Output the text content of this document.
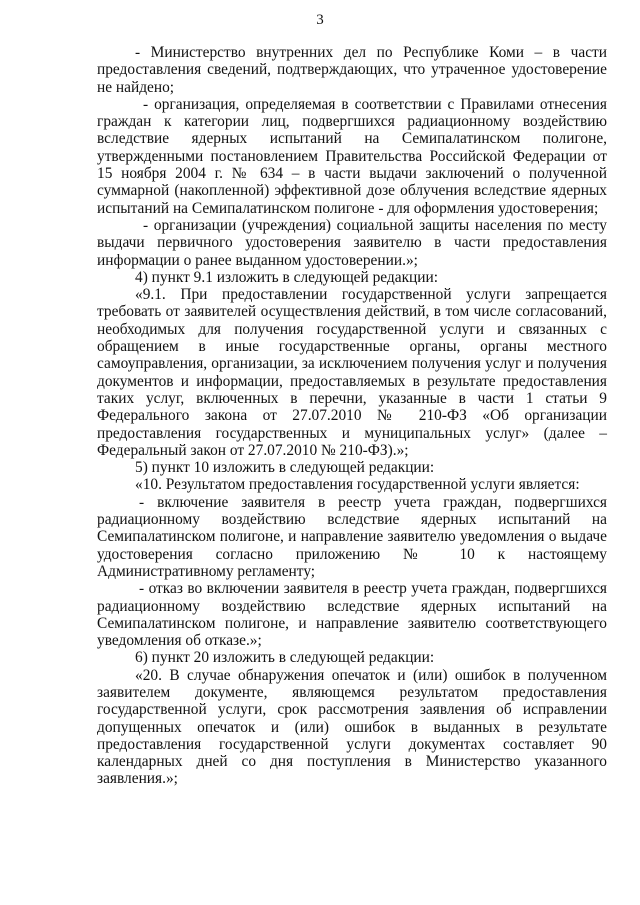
3

- Министерство внутренних дел по Республике Коми – в части предоставления сведений, подтверждающих, что утраченное удостоверение не найдено;

- организация, определяемая в соответствии с Правилами отнесения граждан к категории лиц, подвергшихся радиационному воздействию вследствие ядерных испытаний на Семипалатинском полигоне, утвержденными постановлением Правительства Российской Федерации от 15 ноября 2004 г. № 634 – в части выдачи заключений о полученной суммарной (накопленной) эффективной дозе облучения вследствие ядерных испытаний на Семипалатинском полигоне - для оформления удостоверения;

- организации (учреждения) социальной защиты населения по месту выдачи первичного удостоверения заявителю в части предоставления информации о ранее выданном удостоверении.»;

4) пункт 9.1 изложить в следующей редакции:

«9.1. При предоставлении государственной услуги запрещается требовать от заявителей осуществления действий, в том числе согласований, необходимых для получения государственной услуги и связанных с обращением в иные государственные органы, органы местного самоуправления, организации, за исключением получения услуг и получения документов и информации, предоставляемых в результате предоставления таких услуг, включенных в перечни, указанные в части 1 статьи 9 Федерального закона от 27.07.2010 № 210-ФЗ «Об организации предоставления государственных и муниципальных услуг» (далее – Федеральный закон от 27.07.2010 № 210-ФЗ).»;

5) пункт 10 изложить в следующей редакции:

«10. Результатом предоставления государственной услуги является:

- включение заявителя в реестр учета граждан, подвергшихся радиационному воздействию вследствие ядерных испытаний на Семипалатинском полигоне, и направление заявителю уведомления о выдаче удостоверения согласно приложению № 10 к настоящему Административному регламенту;

- отказ во включении заявителя в реестр учета граждан, подвергшихся радиационному воздействию вследствие ядерных испытаний на Семипалатинском полигоне, и направление заявителю соответствующего уведомления об отказе.»;

6) пункт 20 изложить в следующей редакции:

«20. В случае обнаружения опечаток и (или) ошибок в полученном заявителем документе, являющемся результатом предоставления государственной услуги, срок рассмотрения заявления об исправлении допущенных опечаток и (или) ошибок в выданных в результате предоставления государственной услуги документах составляет 90 календарных дней со дня поступления в Министерство указанного заявления.»;
